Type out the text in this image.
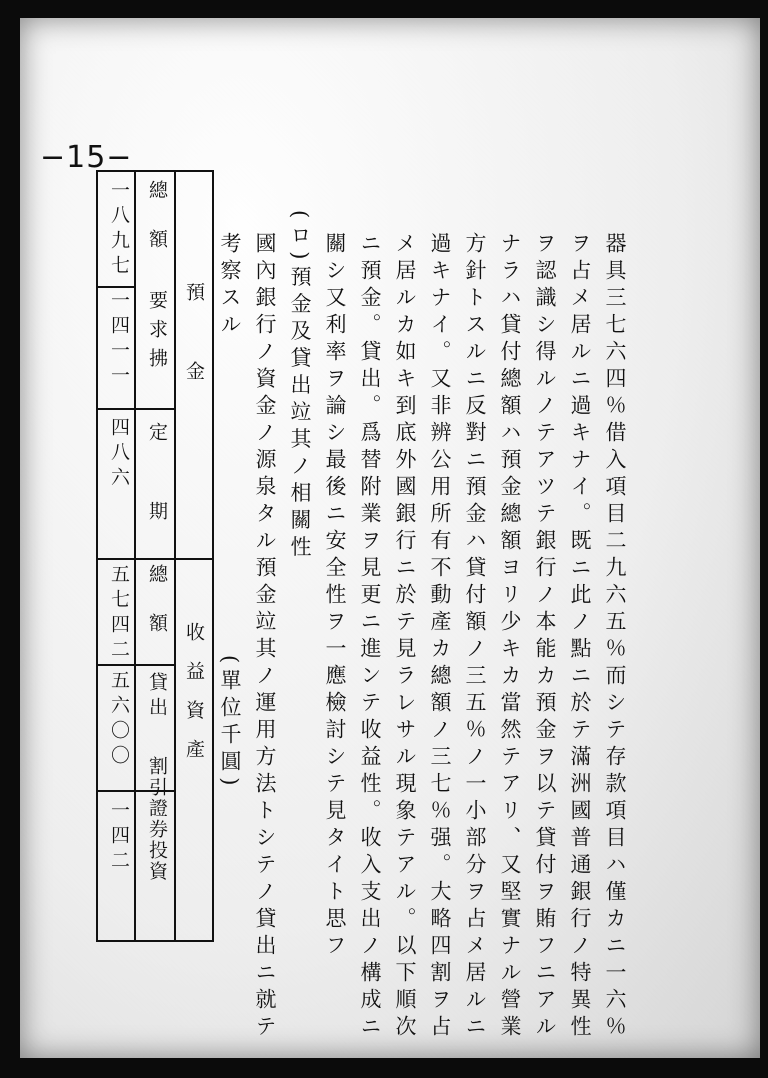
−15−
器具三七六四％借入項目二九六五％而シテ存款項目ハ僅カニ一六％
ヲ占メ居ルニ過キナイ。既ニ此ノ點ニ於テ滿洲國普通銀行ノ特異性
ヲ認識シ得ルノテアツテ銀行ノ本能カ預金ヲ以テ貸付ヲ賄フニアル
ナラハ貸付總額ハ預金總額ヨリ少キカ當然テアリ、又堅實ナル營業
方針トスルニ反對ニ預金ハ貸付額ノ三五％ノ一小部分ヲ占メ居ルニ
過キナイ。又非辨公用所有不動產カ總額ノ三七％强。大略四割ヲ占
メ居ルカ如キ到底外國銀行ニ於テ見ラレサル現象テアル。以下順次
ニ預金。貸出。爲替附業ヲ見更ニ進ンテ收益性。收入支出ノ構成ニ
關シ又利率ヲ論シ最後ニ安全性ヲ一應檢討シテ見タイト思フ
(ロ)預金及貸出竝其ノ相關性
國內銀行ノ資金ノ源泉タル預金竝其ノ運用方法トシテノ貸出ニ就テ
考察スル
(單位千圓)
預金
收益資產
總額
一八九七
要求拂
一四一一
定期
四八六
總額
五七四二
貸出
五六〇〇
割引證券投資
一四二
